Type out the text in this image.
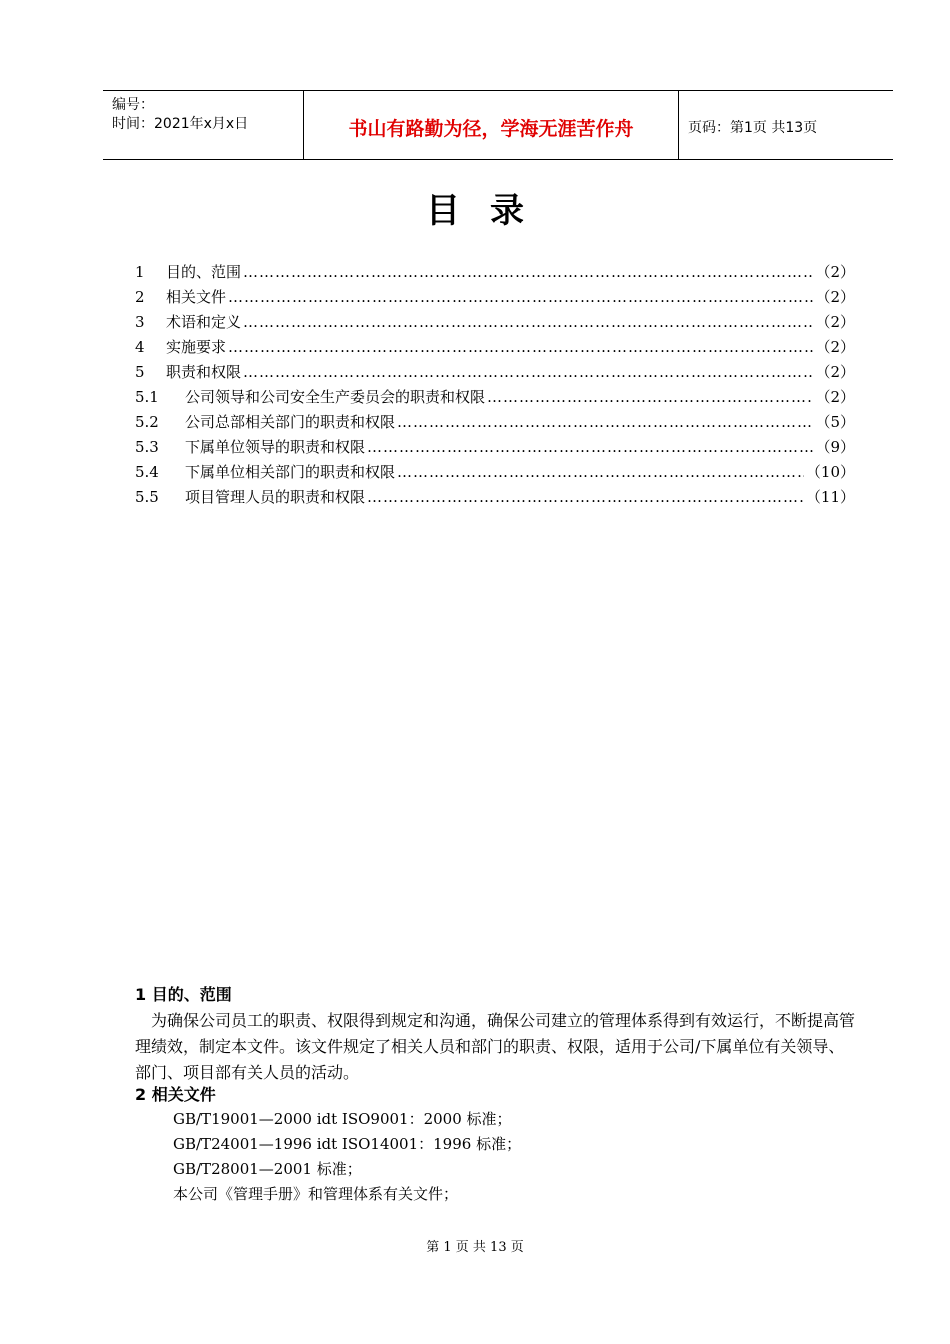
编号：
时间：2021年x月x日	书山有路勤为径，学海无涯苦作舟	页码：第1页 共13页
目录
1	目的、范围 ……………………………………………………………………………………………………………………………………………………	（2）
2	相关文件 ……………………………………………………………………………………………………………………………………………………	（2）
3	术语和定义 ……………………………………………………………………………………………………………………………………………………	（2）
4	实施要求 ……………………………………………………………………………………………………………………………………………………	（2）
5	职责和权限 ……………………………………………………………………………………………………………………………………………………	（2）
5.1	公司领导和公司安全生产委员会的职责和权限 ……………………………………………………………………………………………………………………………………………………	（2）
5.2	公司总部相关部门的职责和权限 ……………………………………………………………………………………………………………………………………………………	（5）
5.3	下属单位领导的职责和权限 ……………………………………………………………………………………………………………………………………………………	（9）
5.4	下属单位相关部门的职责和权限 ……………………………………………………………………………………………………………………………………………………	（10）
5.5	项目管理人员的职责和权限 ……………………………………………………………………………………………………………………………………………………	（11）
1 目的、范围
为确保公司员工的职责、权限得到规定和沟通，确保公司建立的管理体系得到有效运行，不断提高管理绩效，制定本文件。该文件规定了相关人员和部门的职责、权限，适用于公司/下属单位有关领导、部门、项目部有关人员的活动。
2 相关文件
GB/T19001—2000 idt ISO9001：2000 标准；
GB/T24001—1996 idt ISO14001：1996 标准；
GB/T28001—2001 标准；
本公司《管理手册》和管理体系有关文件；
第 1 页 共 13 页
